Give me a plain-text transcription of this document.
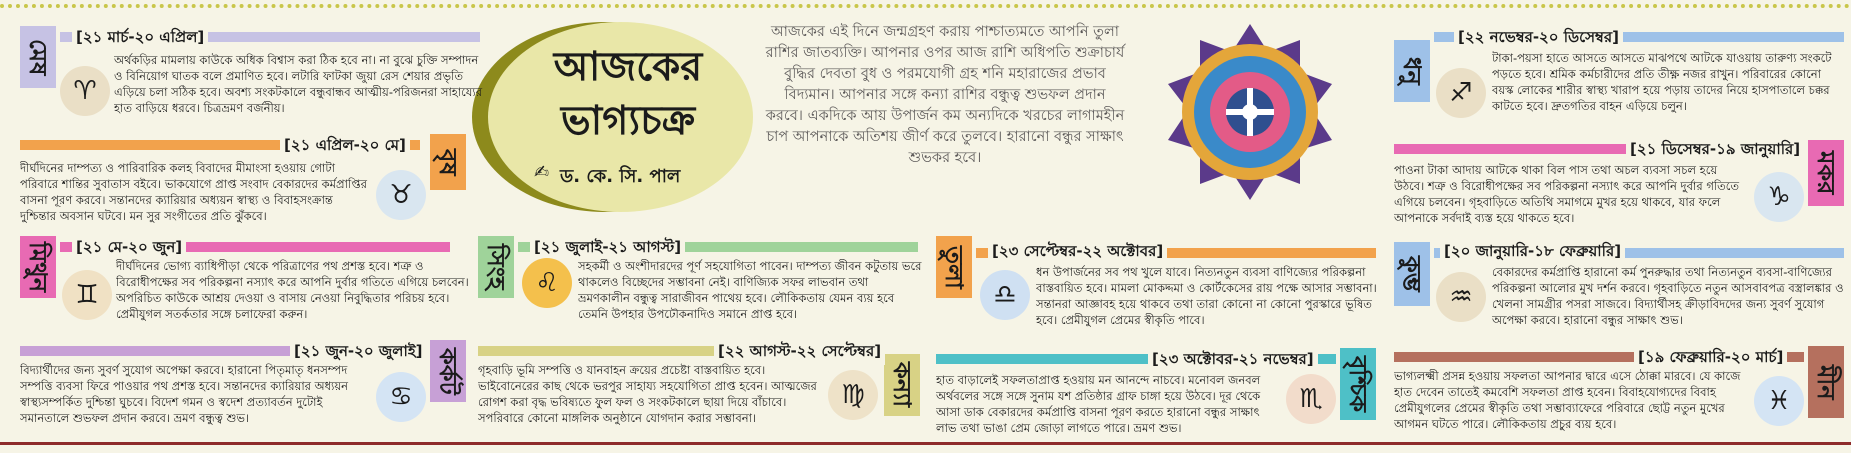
আজকের ভাগ্যচক্র
✍ ড. কে. সি. পাল
আজকের এই দিনে জন্মগ্রহণ করায় পাশ্চাত্যমতে আপনি তুলা রাশির জাতব্যক্তি। আপনার ওপর আজ রাশি অধিপতি শুক্রাচার্য বুদ্ধির দেবতা বুধ ও পরমযোগী গ্রহ শনি মহারাজের প্রভাব বিদ্যমান। আপনার সঙ্গে কন্যা রাশির বন্ধুত্ব শুভফল প্রদান করবে। একদিকে আয় উপার্জন কম অন্যদিকে খরচের লাগামহীন চাপ আপনাকে অতিশয় জীর্ণ করে তুলবে। হারানো বন্ধুর সাক্ষাৎ শুভকর হবে।
মেষ
[২১ মার্চ-২০ এপ্রিল]
♈
অর্থকড়ির মামলায় কাউকে অধিক বিশ্বাস করা ঠিক হবে না। না বুঝে চুক্তি সম্পাদন ও বিনিয়োগ ঘাতক বলে প্রমাণিত হবে। লটারি ফাটকা জুয়া রেস শেয়ার প্রভৃতি এড়িয়ে চলা সঠিক হবে। অবশ্য সংকটকালে বন্ধুবান্ধব আত্মীয়-পরিজনরা সাহায্যের হাত বাড়িয়ে ধরবে। চিত্রভ্রমণ বর্জনীয়।
বৃষ
[২১ এপ্রিল-২০ মে]
♉
দীর্ঘদিনের দাম্পত্য ও পারিবারিক কলহ বিবাদের মীমাংসা হওয়ায় গোটা পরিবারে শান্তির সুবাতাস বইবে। ভাকযোগে প্রাপ্ত সংবাদ বেকারদের কর্মপ্রাপ্তির বাসনা পূরণ করবে। সন্তানদের ক্যারিয়ার অধ্যয়ন স্বাস্থ্য ও বিবাহসংক্রান্ত দুশ্চিন্তার অবসান ঘটবে। মন সুর সংগীতের প্রতি ঝুঁকবে।
মিথুন [২১ মে-২০ জুন]
♊
দীর্ঘদিনের ভোগ্য ব্যাধিপীড়া থেকে পরিত্রাণের পথ প্রশস্ত হবে। শত্রু ও বিরোধীপক্ষের সব পরিকল্পনা নস্যাৎ করে আপনি দুর্বার গতিতে এগিয়ে চলবেন। অপরিচিত কাউকে আশ্রয় দেওয়া ও বাসায় নেওয়া নিবুদ্ধিতার পরিচয় হবে। প্রেমীযুগল সতর্কতার সঙ্গে চলাফেরা করুন।
কর্কট
[২১ জুন-২০ জুলাই]
♋
বিদ্যার্থীদের জন্য সুবর্ণ সুযোগ অপেক্ষা করবে। হারানো পিতৃমাতৃ ধনসম্পদ সম্পত্তি ব্যবসা ফিরে পাওয়ার পথ প্রশস্ত হবে। সন্তানদের ক্যারিয়ার অধ্যয়ন স্বাস্থ্যসম্পর্কিত দুশ্চিন্তা ঘুচবে। বিদেশ গমন ও স্বদেশ প্রত্যাবর্তন দুটোই সমানতালে শুভফল প্রদান করবে। ভ্রমণ বন্ধুত্ব শুভ।
সিংহ [২১ জুলাই-২১ আগস্ট]
♌
সহকর্মী ও অংশীদারদের পূর্ণ সহযোগিতা পাবেন। দাম্পত্য জীবন কটুতায় ভরে থাকলেও বিচ্ছেদের সম্ভাবনা নেই। বাণিজ্যিক সফর লাভবান তথা ভ্রমণকালীন বন্ধুত্ব সারাজীবন পাথেয় হবে। লৌকিকতায় যেমন ব্যয় হবে তেমনি উপহার উপঢৌকনাদিও সমানে প্রাপ্ত হবে।
কন্যা
[২২ আগস্ট-২২ সেপ্টেম্বর]
♍
গৃহবাড়ি ভূমি সম্পত্তি ও যানবাহন ক্রয়ের প্রচেষ্টা বাস্তবায়িত হবে। ভাইবোনেরের কাছ থেকে ভরপুর সাহায্য সহযোগিতা প্রাপ্ত হবেন। আত্মজের রোগশ করা বৃদ্ধ ভবিষ্যতে ফুল ফল ও সংকটকালে ছায়া দিয়ে বাঁচাবে। সপরিবারে কোনো মাঙ্গলিক অনুষ্ঠানে যোগদান করার সম্ভাবনা।
তুলা [২৩ সেপ্টেম্বর-২২ অক্টোবর]
♎
ধন উপার্জনের সব পথ খুলে যাবে। নিত্যনতুন ব্যবসা বাণিজ্যের পরিকল্পনা বাস্তবায়িত হবে। মামলা মোকদ্দমা ও কোর্টকেসের রায় পক্ষে আসার সম্ভাবনা। সন্তানরা আজ্ঞাবহ হয়ে থাকবে তথা তারা কোনো না কোনো পুরস্কারে ভূষিত হবে। প্রেমীযুগল প্রেমের স্বীকৃতি পাবে।
বৃশ্চিক
[২৩ অক্টোবর-২১ নভেম্বর]
♏
হাত বাড়ালেই সফলতাপ্রাপ্ত হওয়ায় মন আনন্দে নাচবে। মনোবল জনবল অর্থবলের সঙ্গে সঙ্গে সুনাম যশ প্রতিষ্ঠার গ্রাফ চাঙ্গা হয়ে উঠবে। দূর থেকে আসা ডাক বেকারদের কর্মপ্রাপ্তি বাসনা পূরণ করতে হারানো বন্ধুর সাক্ষাৎ লাভ তথা ভাঙা প্রেম জোড়া লাগতে পারে। ভ্রমণ শুভ।
ধনু
[২২ নভেম্বর-২০ ডিসেম্বর]
♐
টাকা-পয়সা হাতে আসতে আসতে মাঝপথে আটকে যাওয়ায় তারুণ্য সংকটে পড়তে হবে। শ্রমিক কর্মচারীদের প্রতি তীক্ষ্ণ নজর রাখুন। পরিবারের কোনো বয়স্ক লোকের শারীর স্বাস্থ্য খারাপ হয়ে পড়ায় তাদের নিয়ে হাসপাতালে চক্কর কাটতে হবে। দ্রুতগতির বাহন এড়িয়ে চলুন।
মকর
[২১ ডিসেম্বর-১৯ জানুয়ারি]
♑
পাওনা টাকা আদায় আটকে থাকা বিল পাস তথা অচল ব্যবসা সচল হয়ে উঠবে। শত্রু ও বিরোধীপক্ষের সব পরিকল্পনা নস্যাৎ করে আপনি দুর্বার গতিতে এগিয়ে চলবেন। গৃহবাড়িতে অতিথি সমাগমে মুখর হয়ে থাকবে, যার ফলে আপনাকে সর্বদাই ব্যস্ত হয়ে থাকতে হবে।
কুম্ভ
[২০ জানুয়ারি-১৮ ফেব্রুয়ারি]
♒
বেকারদের কর্মপ্রাপ্তি হারানো কর্ম পুনরুদ্ধার তথা নিত্যনতুন ব্যবসা-বাণিজ্যের পরিকল্পনা আলোর মুখ দর্শন করবে। গৃহবাড়িতে নতুন আসবাবপত্র বস্ত্রালঙ্কার ও খেলনা সামগ্রীর পসরা সাজবে। বিদ্যার্থীসহ ক্রীড়াবিদদের জন্য সুবর্ণ সুযোগ অপেক্ষা করবে। হারানো বন্ধুর সাক্ষাৎ শুভ।
মীন
[১৯ ফেব্রুয়ারি-২০ মার্চ]
♓
ভাগ্যলক্ষ্মী প্রসন্ন হওয়ায় সফলতা আপনার দ্বারে এসে ঠোক্কা মারবে। যে কাজে হাত দেবেন তাতেই কমবেশি সফলতা প্রাপ্ত হবেন। বিবাহযোগ্যদের বিবাহ প্রেমীযুগলের প্রেমের স্বীকৃতি তথা সম্ভাব্যাফেরে পরিবারে ছোট্ট নতুন মুখের আগমন ঘটতে পারে। লৌকিকতায় প্রচুর ব্যয় হবে।
